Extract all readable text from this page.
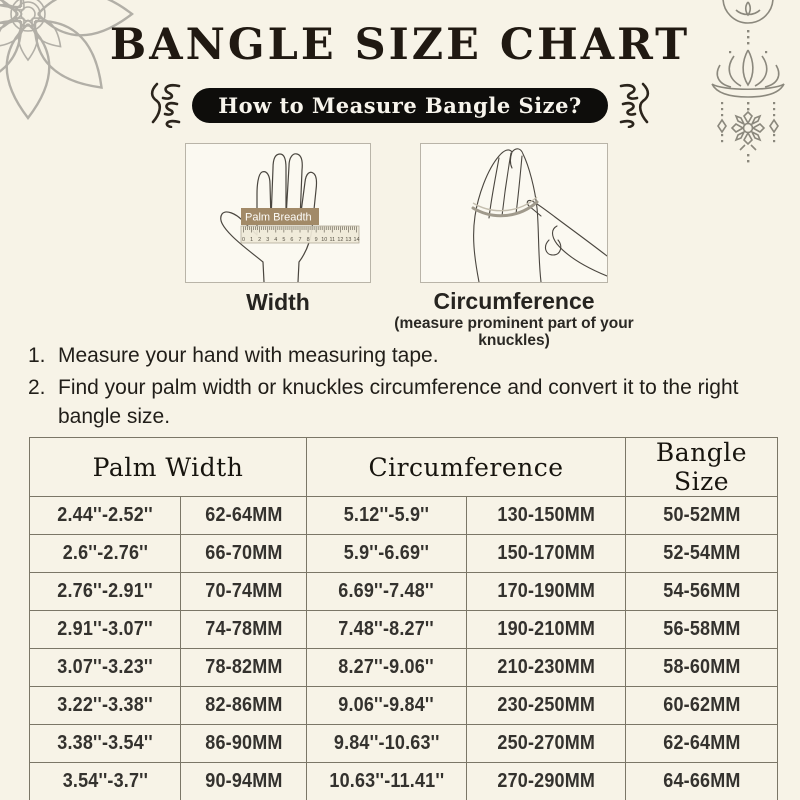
BANGLE SIZE CHART
How to Measure Bangle Size?
0 1 2 3 4 5 6 7 8 9 10 11 12 13 14
Palm Breadth
Width	Circumference
(measure prominent part of your knuckles)
1. Measure your hand with measuring tape.
2. Find your palm width or knuckles circumference and convert it to the right bangle size.
Palm Width		Circumference		Bangle Size
2.44''-2.52''	62-64MM	5.12''-5.9''	130-150MM	50-52MM
2.6''-2.76''	66-70MM	5.9''-6.69''	150-170MM	52-54MM
2.76''-2.91''	70-74MM	6.69''-7.48''	170-190MM	54-56MM
2.91''-3.07''	74-78MM	7.48''-8.27''	190-210MM	56-58MM
3.07''-3.23''	78-82MM	8.27''-9.06''	210-230MM	58-60MM
3.22''-3.38''	82-86MM	9.06''-9.84''	230-250MM	60-62MM
3.38''-3.54''	86-90MM	9.84''-10.63''	250-270MM	62-64MM
3.54''-3.7''	90-94MM	10.63''-11.41''	270-290MM	64-66MM
